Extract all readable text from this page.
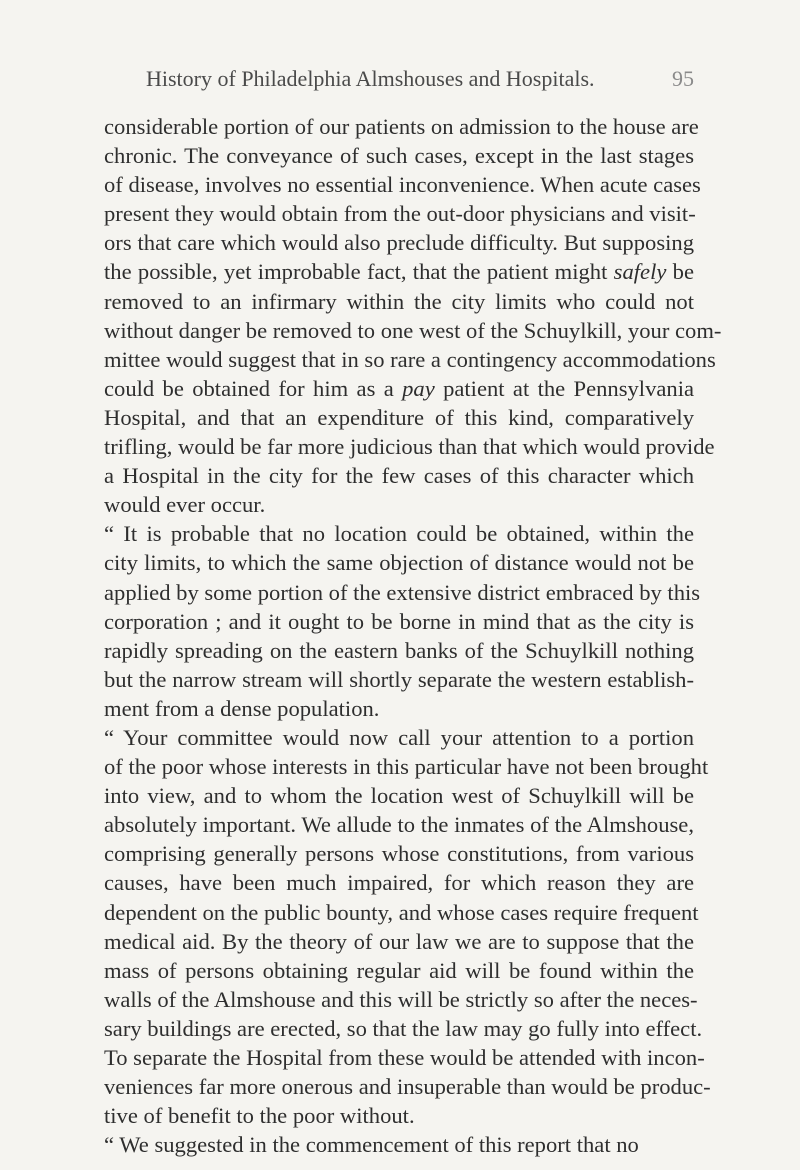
History of Philadelphia Almshouses and Hospitals.	95
considerable portion of our patients on admission to the house are
chronic. The conveyance of such cases, except in the last stages
of disease, involves no essential inconvenience. When acute cases
present they would obtain from the out-door physicians and visit-
ors that care which would also preclude difficulty. But supposing
the possible, yet improbable fact, that the patient might safely be
removed to an infirmary within the city limits who could not
without danger be removed to one west of the Schuylkill, your com-
mittee would suggest that in so rare a contingency accommodations
could be obtained for him as a pay patient at the Pennsylvania
Hospital, and that an expenditure of this kind, comparatively
trifling, would be far more judicious than that which would provide
a Hospital in the city for the few cases of this character which
would ever occur.
“ It is probable that no location could be obtained, within the
city limits, to which the same objection of distance would not be
applied by some portion of the extensive district embraced by this
corporation ; and it ought to be borne in mind that as the city is
rapidly spreading on the eastern banks of the Schuylkill nothing
but the narrow stream will shortly separate the western establish-
ment from a dense population.
“ Your committee would now call your attention to a portion
of the poor whose interests in this particular have not been brought
into view, and to whom the location west of Schuylkill will be
absolutely important. We allude to the inmates of the Almshouse,
comprising generally persons whose constitutions, from various
causes, have been much impaired, for which reason they are
dependent on the public bounty, and whose cases require frequent
medical aid. By the theory of our law we are to suppose that the
mass of persons obtaining regular aid will be found within the
walls of the Almshouse and this will be strictly so after the neces-
sary buildings are erected, so that the law may go fully into effect.
To separate the Hospital from these would be attended with incon-
veniences far more onerous and insuperable than would be produc-
tive of benefit to the poor without.
“ We suggested in the commencement of this report that no
